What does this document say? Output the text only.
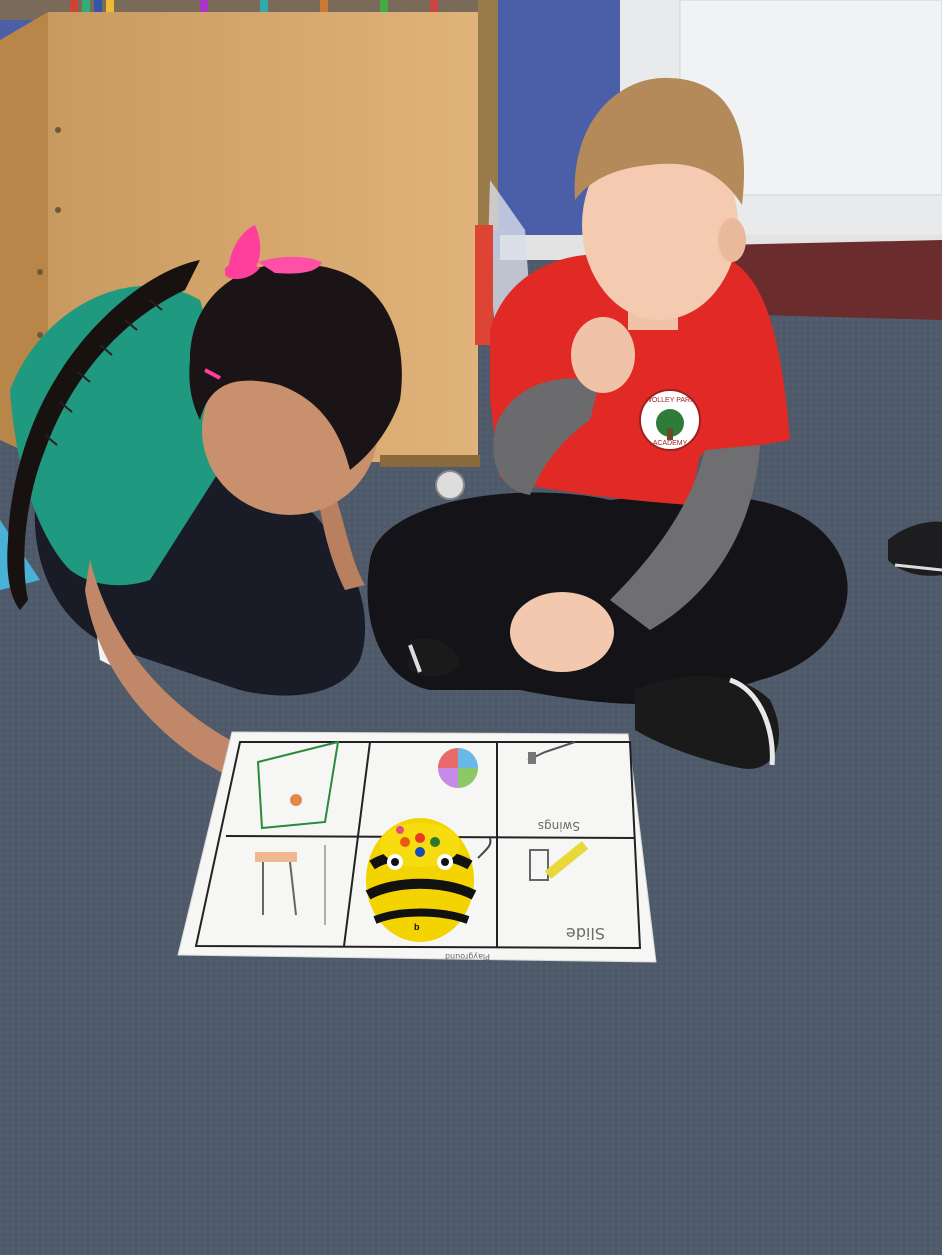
WOLLEY PARK
ACADEMY
Swings
Slide
Playground
b
